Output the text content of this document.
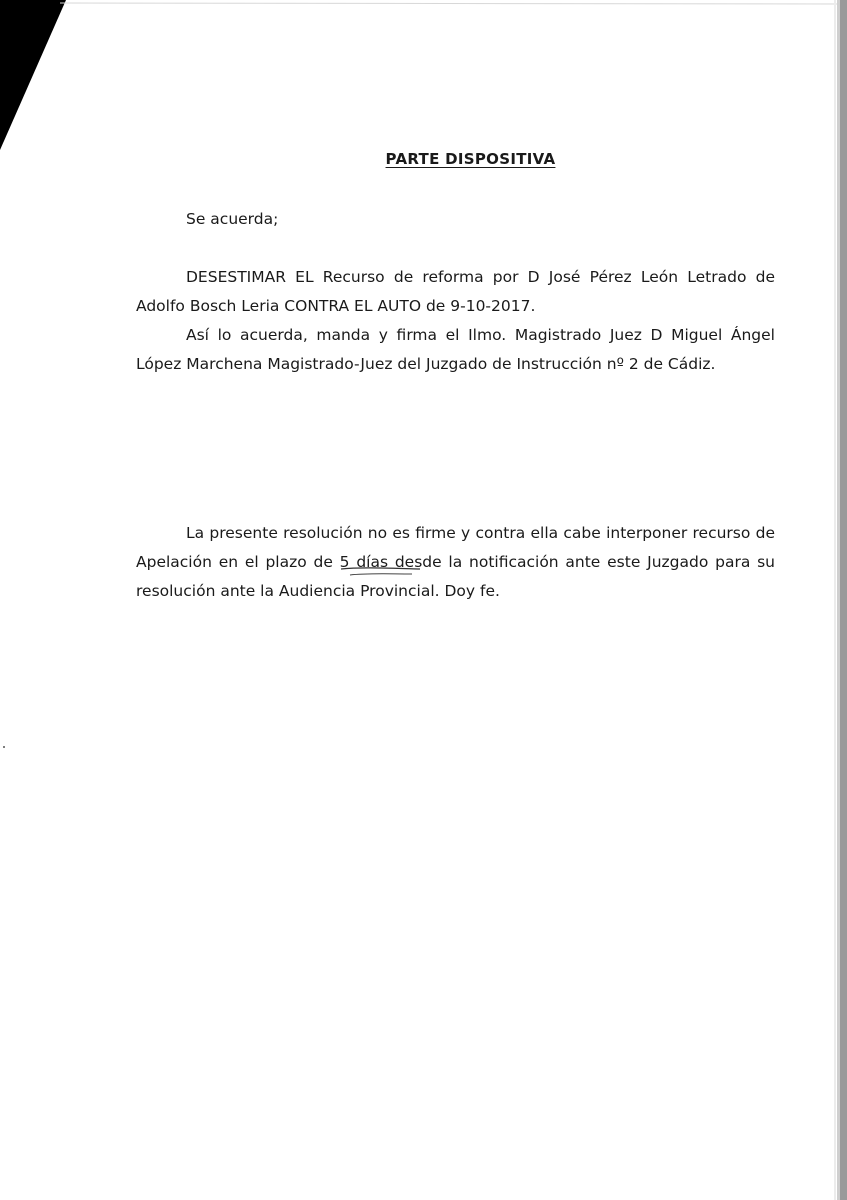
PARTE DISPOSITIVA
Se acuerda;
DESESTIMAR EL Recurso de reforma por D José Pérez León Letrado de Adolfo Bosch Leria CONTRA EL AUTO de 9-10-2017.
Así lo acuerda, manda y firma el Ilmo. Magistrado Juez D Miguel Ángel López Marchena Magistrado-Juez del Juzgado de Instrucción nº 2 de Cádiz.
La presente resolución no es firme y contra ella cabe interponer recurso de Apelación en el plazo de 5 días desde la notificación ante este Juzgado para su resolución ante la Audiencia Provincial. Doy fe.
